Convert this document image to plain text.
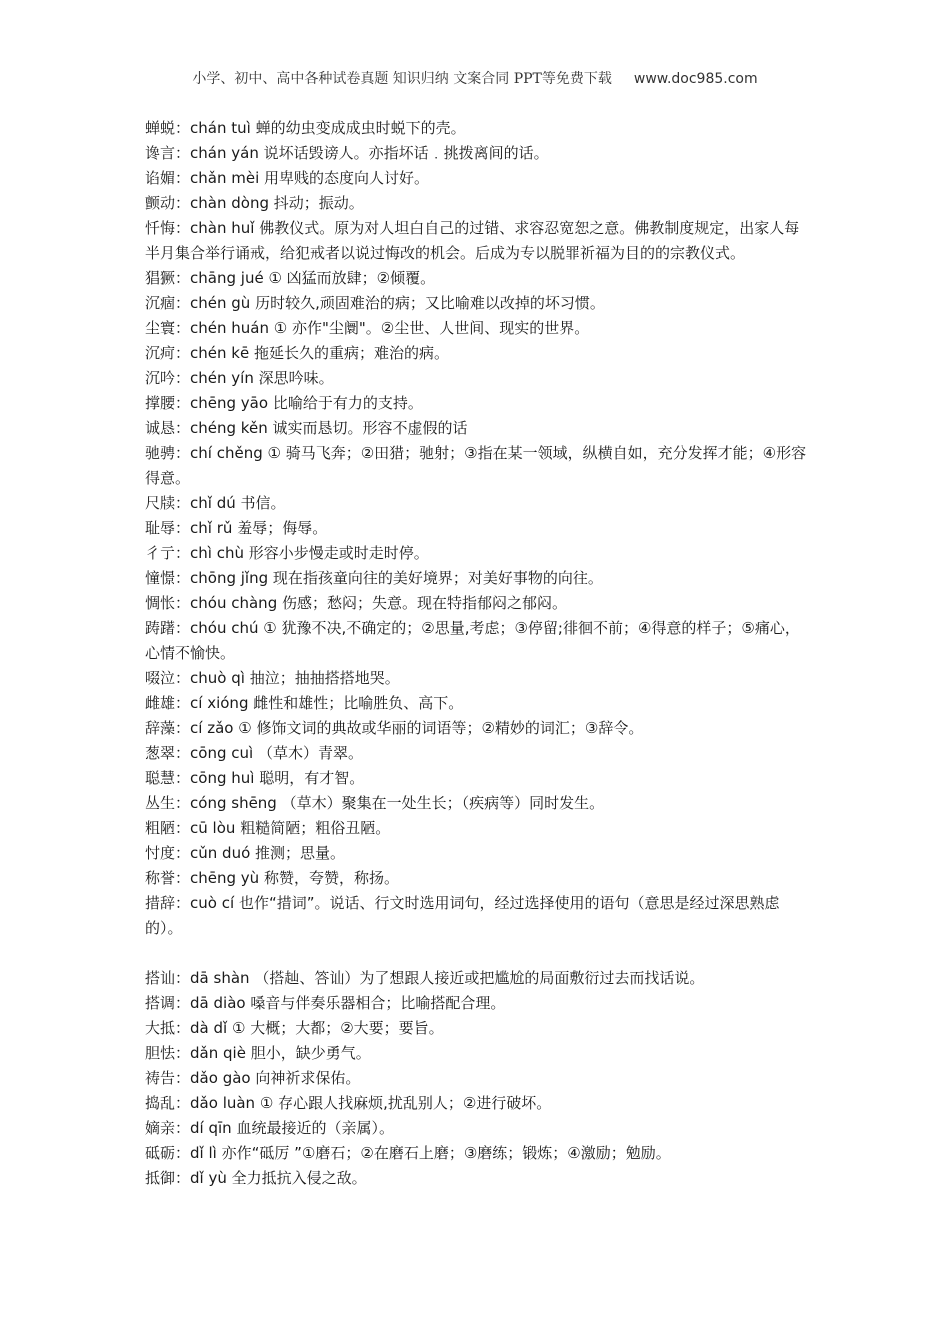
小学、初中、高中各种试卷真题 知识归纳 文案合同 PPT等免费下载 www.doc985.com

蝉蜕：chán tuì 蝉的幼虫变成成虫时蜕下的壳。

谗言：chán yán 说坏话毁谤人。亦指坏话﹒挑拨离间的话。

谄媚：chǎn mèi 用卑贱的态度向人讨好。

颤动：chàn dòng 抖动；振动。

忏悔：chàn huǐ 佛教仪式。原为对人坦白自己的过错、求容忍宽恕之意。佛教制度规定，出家人每半月集合举行诵戒，给犯戒者以说过悔改的机会。后成为专以脱罪祈福为目的的宗教仪式。

猖獗：chāng jué ① 凶猛而放肆；②倾覆。

沉痼：chén gù 历时较久,顽固难治的病；又比喻难以改掉的坏习惯。

尘寰：chén huán ① 亦作"尘阛"。②尘世、人世间、现实的世界。

沉疴：chén kē 拖延长久的重病；难治的病。

沉吟：chén yín 深思吟味。

撑腰：chēng yāo 比喻给于有力的支持。

诚恳：chéng kěn 诚实而恳切。形容不虚假的话

驰骋：chí chěng ① 骑马飞奔；②田猎；驰射；③指在某一领域，纵横自如，充分发挥才能；④形容得意。

尺牍：chǐ dú 书信。

耻辱：chǐ rǔ 羞辱；侮辱。

彳亍：chì chù 形容小步慢走或时走时停。

憧憬：chōng jǐng 现在指孩童向往的美好境界；对美好事物的向往。

惆怅：chóu chàng 伤感；愁闷；失意。现在特指郁闷之郁闷。

踌躇：chóu chú ① 犹豫不决,不确定的；②思量,考虑；③停留;徘徊不前；④得意的样子；⑤痛心，心情不愉快。

啜泣：chuò qì 抽泣；抽抽搭搭地哭。

雌雄：cí xióng 雌性和雄性；比喻胜负、高下。

辞藻：cí zǎo ① 修饰文词的典故或华丽的词语等；②精妙的词汇；③辞令。

葱翠：cōng cuì （草木）青翠。

聪慧：cōng huì 聪明，有才智。

丛生：cóng shēng （草木）聚集在一处生长；（疾病等）同时发生。

粗陋：cū lòu 粗糙简陋；粗俗丑陋。

忖度：cǔn duó 推测；思量。

称誉：chēng yù 称赞，夸赞，称扬。

措辞：cuò cí 也作“措词”。说话、行文时选用词句，经过选择使用的语句（意思是经过深思熟虑的）。

搭讪：dā shàn （搭赸、答讪）为了想跟人接近或把尴尬的局面敷衍过去而找话说。

搭调：dā diào 嗓音与伴奏乐器相合；比喻搭配合理。

大抵：dà dǐ ① 大概；大都；②大要；要旨。

胆怯：dǎn qiè 胆小，缺少勇气。

祷告：dǎo gào 向神祈求保佑。

捣乱：dǎo luàn ① 存心跟人找麻烦,扰乱别人；②进行破坏。

嫡亲：dí qīn 血统最接近的（亲属）。

砥砺：dǐ lì 亦作“砥厉 ”①磨石；②在磨石上磨；③磨练；锻炼；④激励；勉励。

抵御：dǐ yù 全力抵抗入侵之敌。
